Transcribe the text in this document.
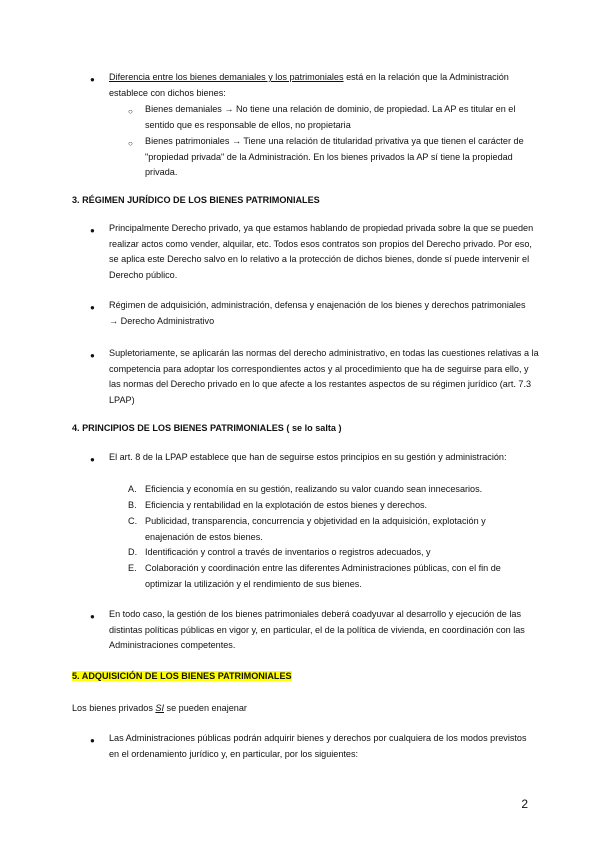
● Diferencia entre los bienes demaniales y los patrimoniales está en la relación que la Administración establece con dichos bienes:
○ Bienes demaniales → No tiene una relación de dominio, de propiedad. La AP es titular en el sentido que es responsable de ellos, no propietaria
○ Bienes patrimoniales → Tiene una relación de titularidad privativa ya que tienen el carácter de "propiedad privada" de la Administración. En los bienes privados la AP sí tiene la propiedad privada.
3. RÉGIMEN JURÍDICO DE LOS BIENES PATRIMONIALES
● Principalmente Derecho privado, ya que estamos hablando de propiedad privada sobre la que se pueden realizar actos como vender, alquilar, etc. Todos esos contratos son propios del Derecho privado. Por eso, se aplica este Derecho salvo en lo relativo a la protección de dichos bienes, donde sí puede intervenir el Derecho público.
● Régimen de adquisición, administración, defensa y enajenación de los bienes y derechos patrimoniales → Derecho Administrativo
● Supletoriamente, se aplicarán las normas del derecho administrativo, en todas las cuestiones relativas a la competencia para adoptar los correspondientes actos y al procedimiento que ha de seguirse para ello, y las normas del Derecho privado en lo que afecte a los restantes aspectos de su régimen jurídico (art. 7.3 LPAP)
4. PRINCIPIOS DE LOS BIENES PATRIMONIALES ( se lo salta )
● El art. 8 de la LPAP establece que han de seguirse estos principios en su gestión y administración:
A. Eficiencia y economía en su gestión, realizando su valor cuando sean innecesarios.
B. Eficiencia y rentabilidad en la explotación de estos bienes y derechos.
C. Publicidad, transparencia, concurrencia y objetividad en la adquisición, explotación y enajenación de estos bienes.
D. Identificación y control a través de inventarios o registros adecuados, y
E. Colaboración y coordinación entre las diferentes Administraciones públicas, con el fin de optimizar la utilización y el rendimiento de sus bienes.
● En todo caso, la gestión de los bienes patrimoniales deberá coadyuvar al desarrollo y ejecución de las distintas políticas públicas en vigor y, en particular, el de la política de vivienda, en coordinación con las Administraciones competentes.
5. ADQUISICIÓN DE LOS BIENES PATRIMONIALES
Los bienes privados SI se pueden enajenar
● Las Administraciones públicas podrán adquirir bienes y derechos por cualquiera de los modos previstos en el ordenamiento jurídico y, en particular, por los siguientes:
2
